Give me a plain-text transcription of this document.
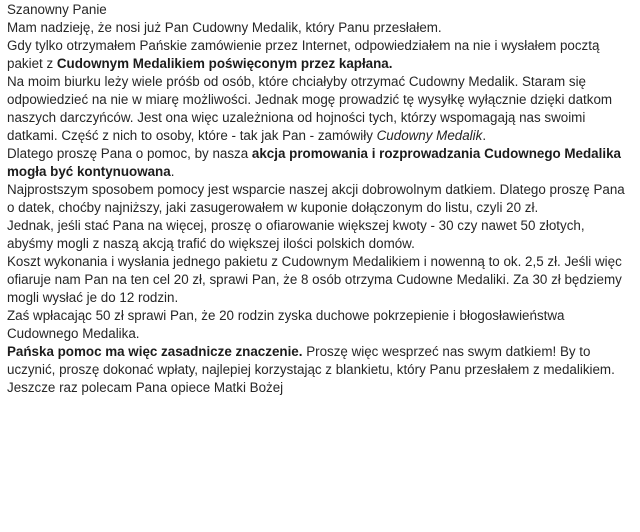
Szanowny Panie

Mam nadzieję, że nosi już Pan Cudowny Medalik, który Panu przesłałem.

Gdy tylko otrzymałem Pańskie zamówienie przez Internet, odpowiedziałem na nie i wysłałem pocztą pakiet z Cudownym Medalikiem poświęconym przez kapłana.

Na moim biurku leży wiele próśb od osób, które chciałyby otrzymać Cudowny Medalik. Staram się odpowiedzieć na nie w miarę możliwości. Jednak mogę prowadzić tę wysyłkę wyłącznie dzięki datkom naszych darczyńców. Jest ona więc uzależniona od hojności tych, którzy wspomagają nas swoimi datkami. Część z nich to osoby, które - tak jak Pan - zamówiły Cudowny Medalik.

Dlatego proszę Pana o pomoc, by nasza akcja promowania i rozprowadzania Cudownego Medalika mogła być kontynuowana.

Najprostszym sposobem pomocy jest wsparcie naszej akcji dobrowolnym datkiem. Dlatego proszę Pana o datek, choćby najniższy, jaki zasugerowałem w kuponie dołączonym do listu, czyli 20 zł.

Jednak, jeśli stać Pana na więcej, proszę o ofiarowanie większej kwoty - 30 czy nawet 50 złotych, abyśmy mogli z naszą akcją trafić do większej ilości polskich domów.

Koszt wykonania i wysłania jednego pakietu z Cudownym Medalikiem i nowenną to ok. 2,5 zł. Jeśli więc ofiaruje nam Pan na ten cel 20 zł, sprawi Pan, że 8 osób otrzyma Cudowne Medaliki. Za 30 zł będziemy mogli wysłać je do 12 rodzin.

Zaś wpłacając 50 zł sprawi Pan, że 20 rodzin zyska duchowe pokrzepienie i błogosławieństwa Cudownego Medalika.

Pańska pomoc ma więc zasadnicze znaczenie. Proszę więc wesprzeć nas swym datkiem! By to uczynić, proszę dokonać wpłaty, najlepiej korzystając z blankietu, który Panu przesłałem z medalikiem.

Jeszcze raz polecam Pana opiece Matki Bożej
